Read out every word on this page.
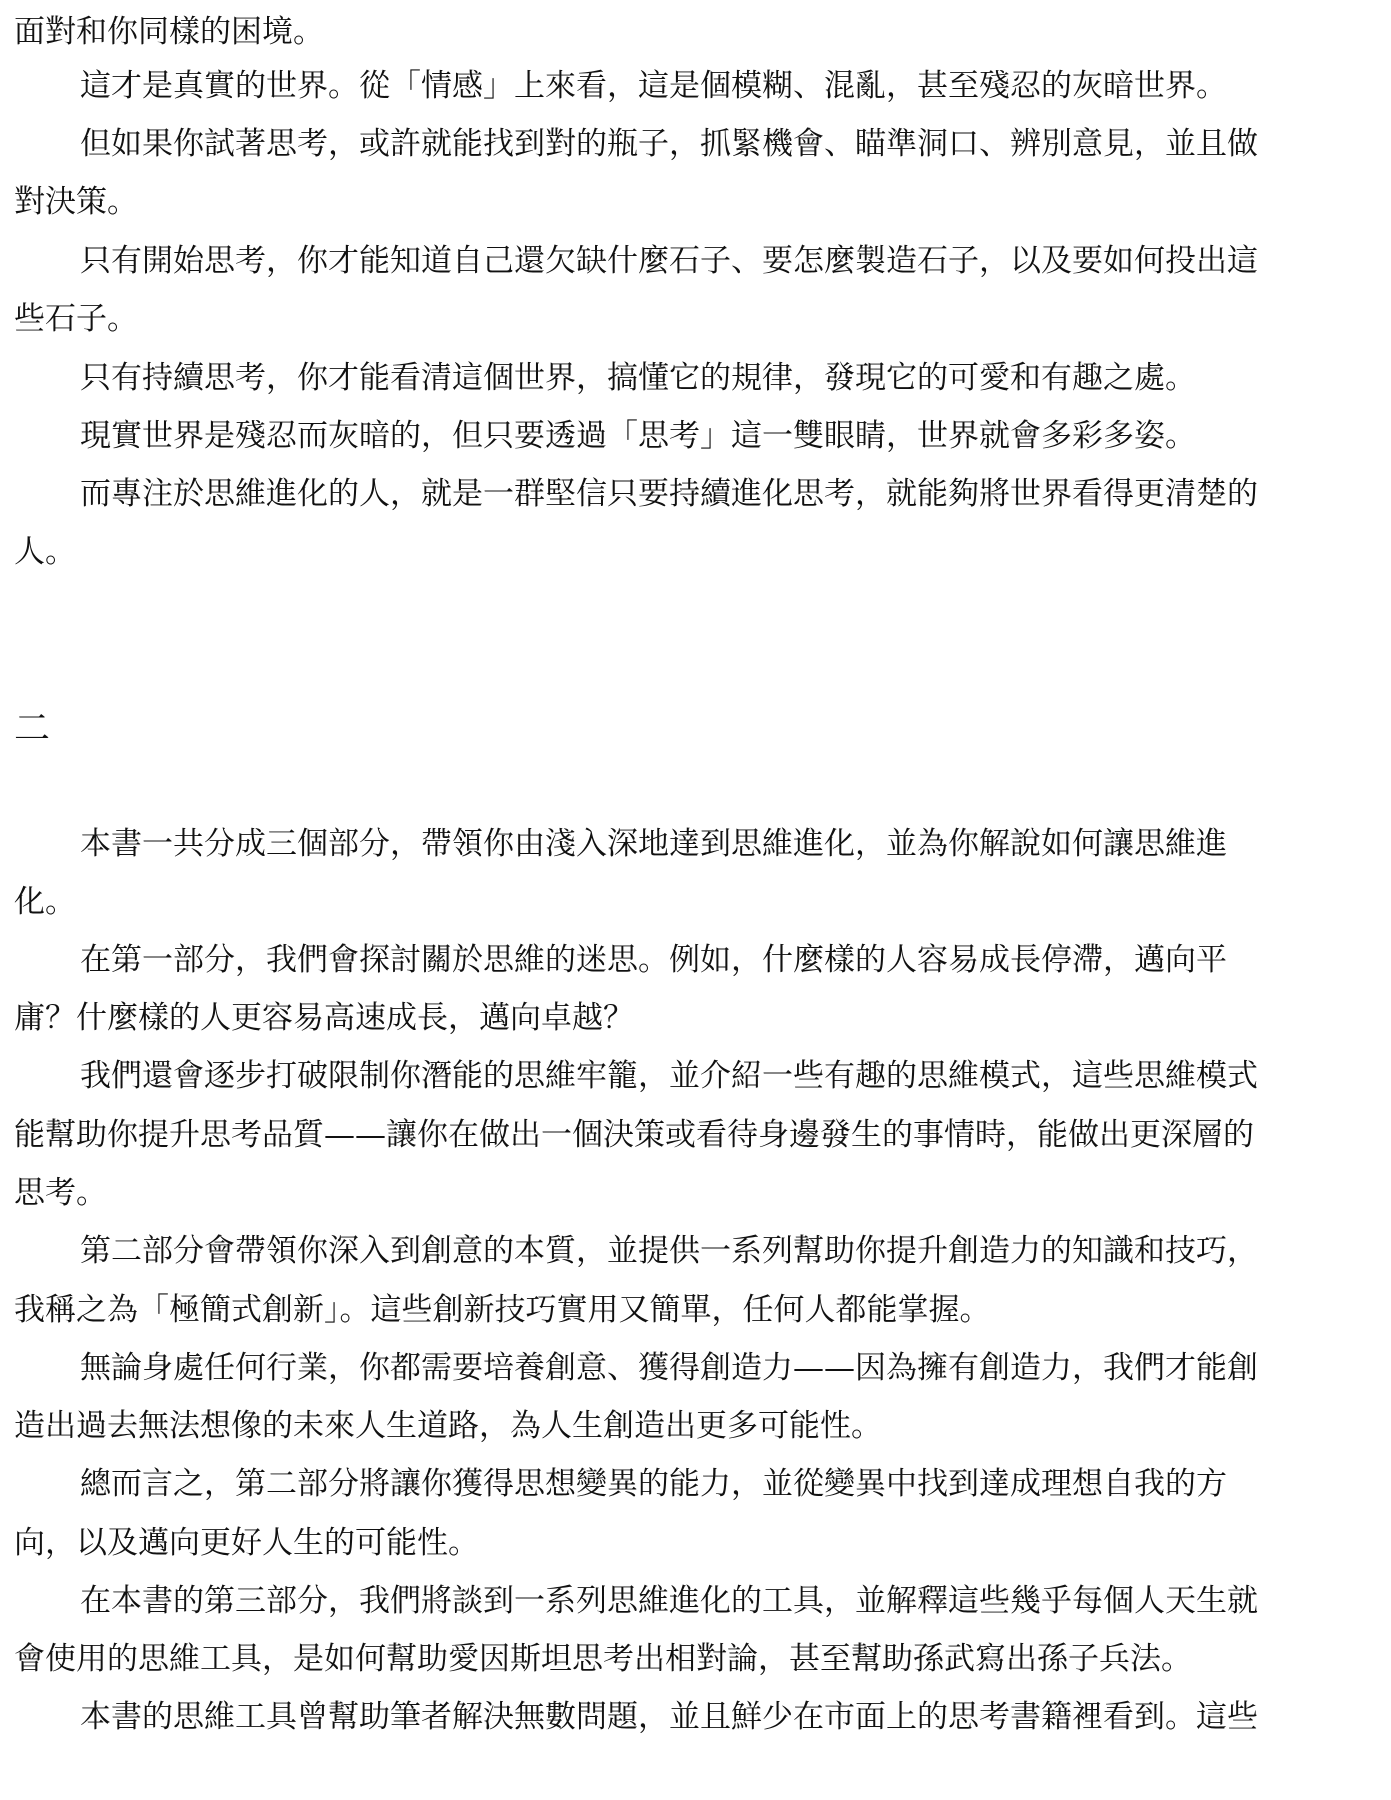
面對和你同樣的困境。
這才是真實的世界。從「情感」上來看，這是個模糊、混亂，甚至殘忍的灰暗世界。
但如果你試著思考，或許就能找到對的瓶子，抓緊機會、瞄準洞口、辨別意見，並且做
對決策。
只有開始思考，你才能知道自己還欠缺什麼石子、要怎麼製造石子，以及要如何投出這
些石子。
只有持續思考，你才能看清這個世界，搞懂它的規律，發現它的可愛和有趣之處。
現實世界是殘忍而灰暗的，但只要透過「思考」這一雙眼睛，世界就會多彩多姿。
而專注於思維進化的人，就是一群堅信只要持續進化思考，就能夠將世界看得更清楚的
人。
二
本書一共分成三個部分，帶領你由淺入深地達到思維進化，並為你解說如何讓思維進
化。
在第一部分，我們會探討關於思維的迷思。例如，什麼樣的人容易成長停滯，邁向平
庸？什麼樣的人更容易高速成長，邁向卓越？
我們還會逐步打破限制你潛能的思維牢籠，並介紹一些有趣的思維模式，這些思維模式
能幫助你提升思考品質——讓你在做出一個決策或看待身邊發生的事情時，能做出更深層的
思考。
第二部分會帶領你深入到創意的本質，並提供一系列幫助你提升創造力的知識和技巧，
我稱之為「極簡式創新」。這些創新技巧實用又簡單，任何人都能掌握。
無論身處任何行業，你都需要培養創意、獲得創造力——因為擁有創造力，我們才能創
造出過去無法想像的未來人生道路，為人生創造出更多可能性。
總而言之，第二部分將讓你獲得思想變異的能力，並從變異中找到達成理想自我的方
向，以及邁向更好人生的可能性。
在本書的第三部分，我們將談到一系列思維進化的工具，並解釋這些幾乎每個人天生就
會使用的思維工具，是如何幫助愛因斯坦思考出相對論，甚至幫助孫武寫出孫子兵法。
本書的思維工具曾幫助筆者解決無數問題，並且鮮少在市面上的思考書籍裡看到。這些
